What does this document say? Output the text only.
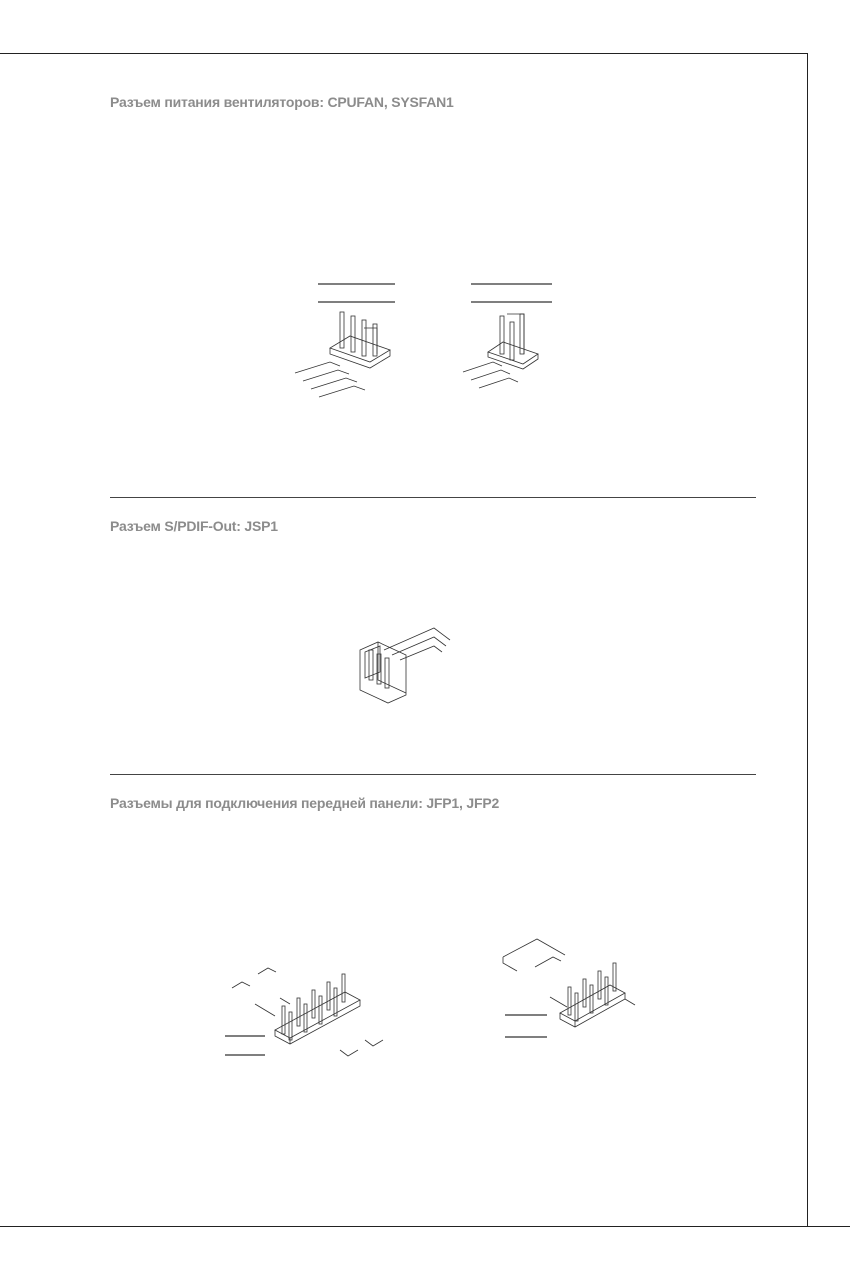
Разъем питания вентиляторов: CPUFAN, SYSFAN1
Разъем S/PDIF-Out: JSP1
Разъемы для подключения передней панели: JFP1, JFP2
